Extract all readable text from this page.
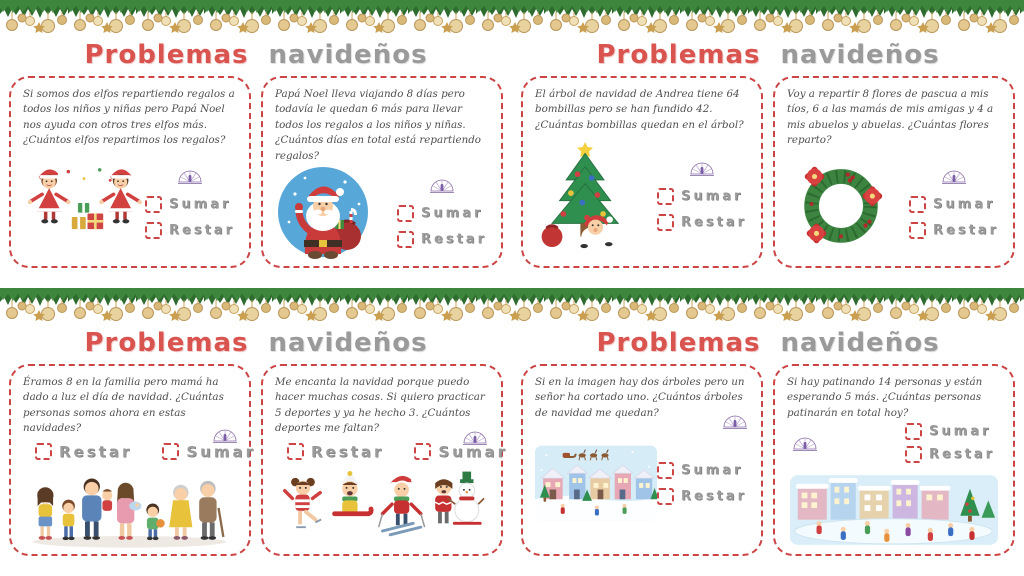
Problemas navideños

Si somos dos elfos repartiendo regalos a todos los niños y niñas pero Papá Noel nos ayuda con otros tres elfos más. ¿Cuántos elfos repartimos los regalos?

Sumar
Restar

Papá Noel lleva viajando 8 días pero todavía le quedan 6 más para llevar todos los regalos a los niños y niñas. ¿Cuántos días en total está repartiendo regalos?

Sumar
Restar
Problemas navideños

El árbol de navidad de Andrea tiene 64 bombillas pero se han fundido 42. ¿Cuántas bombillas quedan en el árbol?

Sumar
Restar

Voy a repartir 8 flores de pascua a mis tíos, 6 a las mamás de mis amigas y 4 a mis abuelos y abuelas. ¿Cuántas flores reparto?

Sumar
Restar
Problemas navideños

Éramos 8 en la familia pero mamá ha dado a luz el día de navidad. ¿Cuántas personas somos ahora en estas navidades?

Restar	Sumar

Me encanta la navidad porque puedo hacer muchas cosas. Si quiero practicar 5 deportes y ya he hecho 3. ¿Cuántos deportes me faltan?

Restar	Sumar
Problemas navideños

Si en la imagen hay dos árboles pero un señor ha cortado uno. ¿Cuántos árboles de navidad me quedan?

Sumar
Restar

Si hay patinando 14 personas y están esperando 5 más. ¿Cuántas personas patinarán en total hoy?

Sumar
Restar
